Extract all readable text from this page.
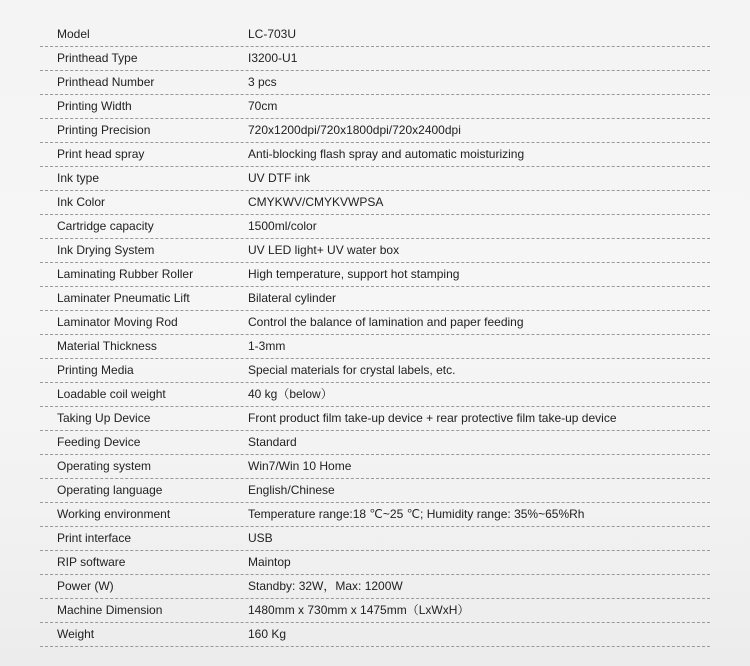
Model	LC-703U
Printhead Type	I3200-U1
Printhead Number	3 pcs
Printing Width	70cm
Printing Precision	720x1200dpi/720x1800dpi/720x2400dpi
Print head spray	Anti-blocking flash spray and automatic moisturizing
Ink type	UV DTF ink
Ink Color	CMYKWV/CMYKVWPSA
Cartridge capacity	1500ml/color
Ink Drying System	UV LED light+ UV water box
Laminating Rubber Roller	High temperature, support hot stamping
Laminater Pneumatic Lift	Bilateral cylinder
Laminator Moving Rod	Control the balance of lamination and paper feeding
Material Thickness	1-3mm
Printing Media	Special materials for crystal labels, etc.
Loadable coil weight	40 kg（below）
Taking Up Device	Front product film take-up device + rear protective film take-up device
Feeding Device	Standard
Operating system	Win7/Win 10 Home
Operating language	English/Chinese
Working environment	Temperature range:18 ℃~25 ℃; Humidity range: 35%~65%Rh
Print interface	USB
RIP software	Maintop
Power (W)	Standby: 32W，Max: 1200W
Machine Dimension	1480mm x 730mm x 1475mm（LxWxH）
Weight	160 Kg
